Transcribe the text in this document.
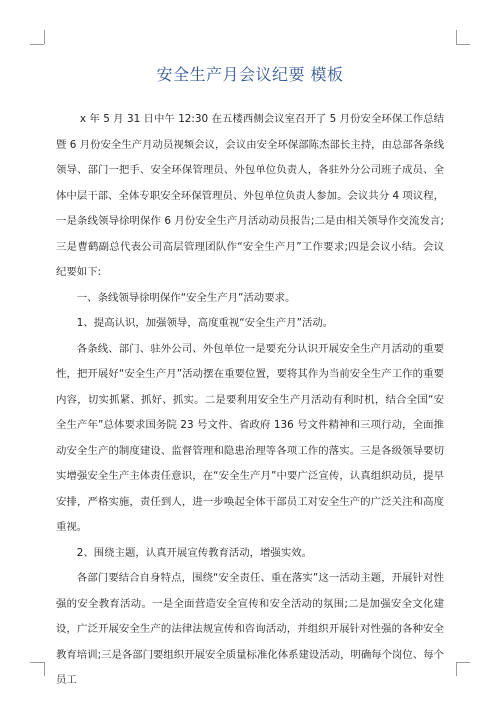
安全生产月会议纪要 模板

x 年 5 月 31 日中午 12:30 在五楼西侧会议室召开了 5 月份安全环保工作总结暨 6 月份安全生产月动员视频会议，会议由安全环保部陈杰部长主持，由总部各条线领导、部门一把手、安全环保管理员、外包单位负责人，各驻外分公司班子成员、全体中层干部、全体专职安全环保管理员、外包单位负责人参加。会议共分 4 项议程，一是条线领导徐明保作 6 月份安全生产月活动动员报告;二是由相关领导作交流发言;三是曹鹤副总代表公司高层管理团队作“安全生产月”工作要求;四是会议小结。会议纪要如下:

一、条线领导徐明保作“安全生产月”活动要求。

1、提高认识，加强领导，高度重视“安全生产月”活动。

各条线、部门、驻外公司、外包单位一是要充分认识开展安全生产月活动的重要性，把开展好“安全生产月”活动摆在重要位置，要将其作为当前安全生产工作的重要内容，切实抓紧、抓好、抓实。二是要利用安全生产月活动有利时机，结合全国“安全生产年”总体要求国务院 23 号文件、省政府 136 号文件精神和三项行动，全面推动安全生产的制度建设、监督管理和隐患治理等各项工作的落实。三是各级领导要切实增强安全生产主体责任意识，在“安全生产月”中要广泛宣传，认真组织动员，提早安排，严格实施，责任到人，进一步唤起全体干部员工对安全生产的广泛关注和高度重视。

2、围绕主题，认真开展宣传教育活动，增强实效。

各部门要结合自身特点，围绕“安全责任、重在落实”这一活动主题，开展针对性强的安全教育活动。一是全面营造安全宣传和安全活动的氛围;二是加强安全文化建设，广泛开展安全生产的法律法规宣传和咨询活动，并组织开展针对性强的各种安全教育培训;三是各部门要组织开展安全质量标准化体系建设活动，明确每个岗位、每个员工
